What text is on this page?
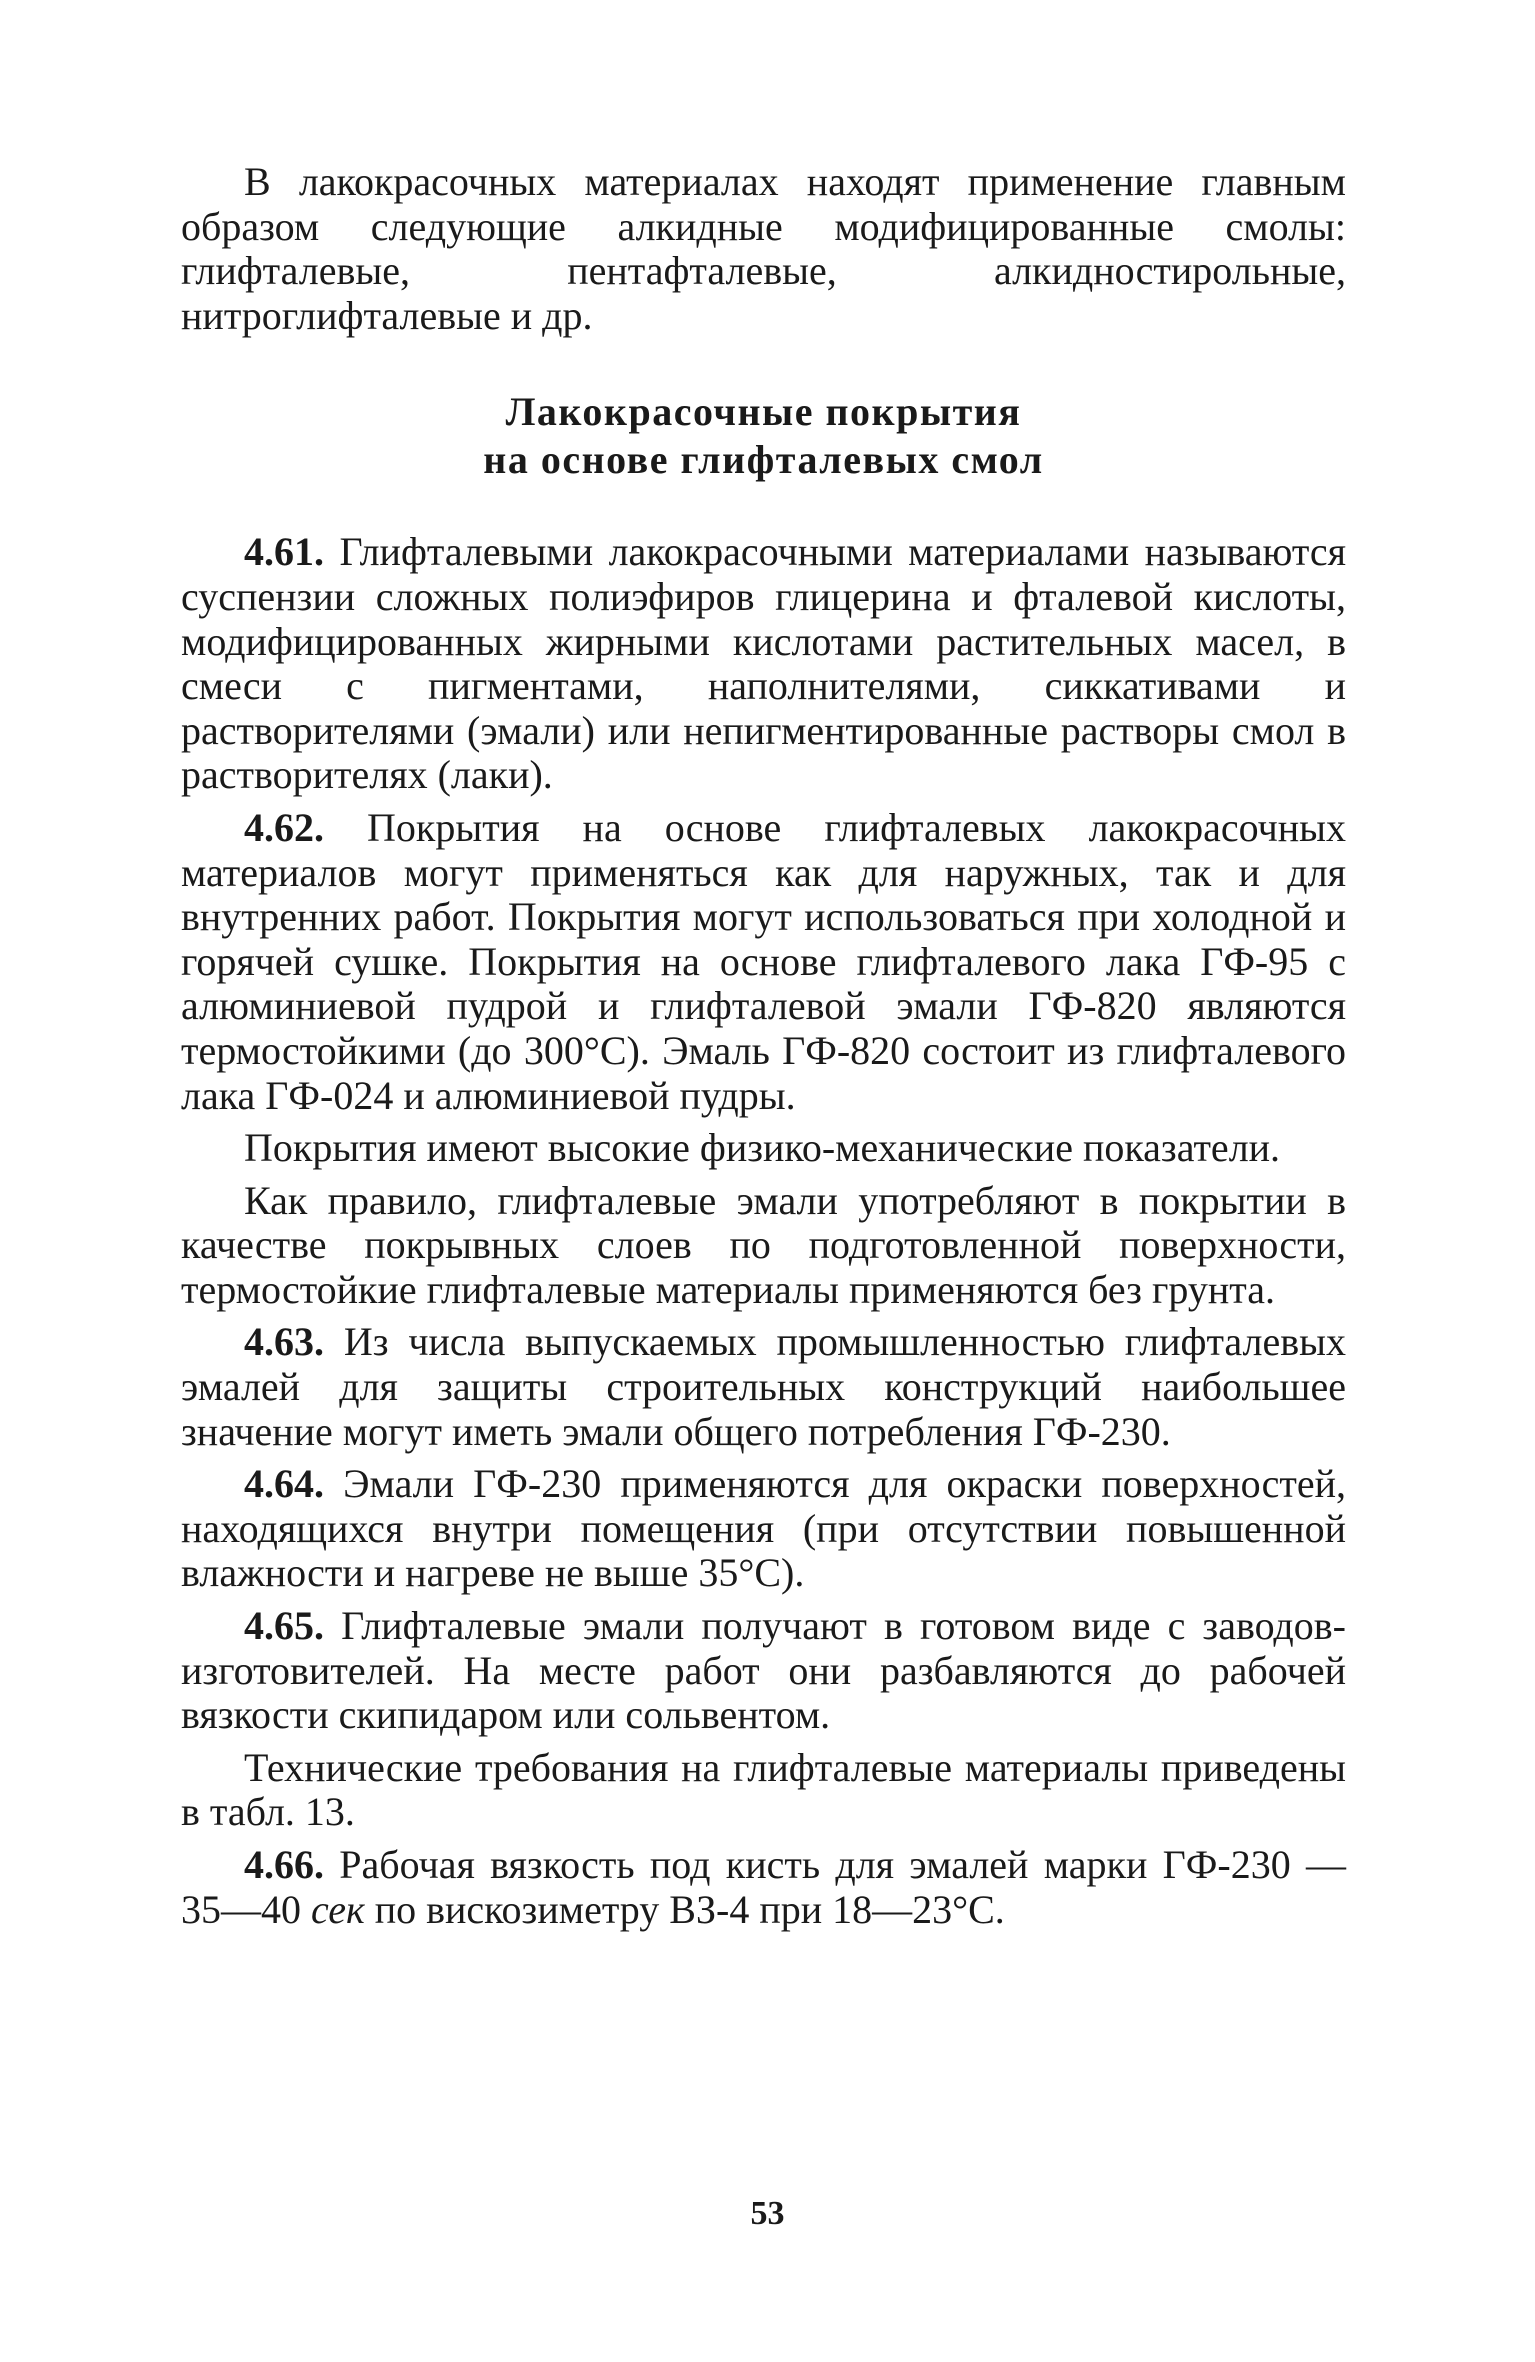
В лакокрасочных материалах находят применение главным образом следующие алкидные модифицированные смолы: глифталевые, пентафталевые, алкидностирольные, нитроглифталевые и др.

Лакокрасочные покрытия
на основе глифталевых смол

4.61. Глифталевыми лакокрасочными материалами называются суспензии сложных полиэфиров глицерина и фталевой кислоты, модифицированных жирными кислотами растительных масел, в смеси с пигментами, наполнителями, сиккативами и растворителями (эмали) или непигментированные растворы смол в растворителях (лаки).

4.62. Покрытия на основе глифталевых лакокрасочных материалов могут применяться как для наружных, так и для внутренних работ. Покрытия могут использоваться при холодной и горячей сушке. Покрытия на основе глифталевого лака ГФ-95 с алюминиевой пудрой и глифталевой эмали ГФ-820 являются термостойкими (до 300°С). Эмаль ГФ-820 состоит из глифталевого лака ГФ-024 и алюминиевой пудры.

Покрытия имеют высокие физико-механические показатели.

Как правило, глифталевые эмали употребляют в покрытии в качестве покрывных слоев по подготовленной поверхности, термостойкие глифталевые материалы применяются без грунта.

4.63. Из числа выпускаемых промышленностью глифталевых эмалей для защиты строительных конструкций наибольшее значение могут иметь эмали общего потребления ГФ-230.

4.64. Эмали ГФ-230 применяются для окраски поверхностей, находящихся внутри помещения (при отсутствии повышенной влажности и нагреве не выше 35°С).

4.65. Глифталевые эмали получают в готовом виде с заводов-изготовителей. На месте работ они разбавляются до рабочей вязкости скипидаром или сольвентом.

Технические требования на глифталевые материалы приведены в табл. 13.

4.66. Рабочая вязкость под кисть для эмалей марки ГФ-230 — 35—40 сек по вискозиметру ВЗ-4 при 18—23°С.

53
